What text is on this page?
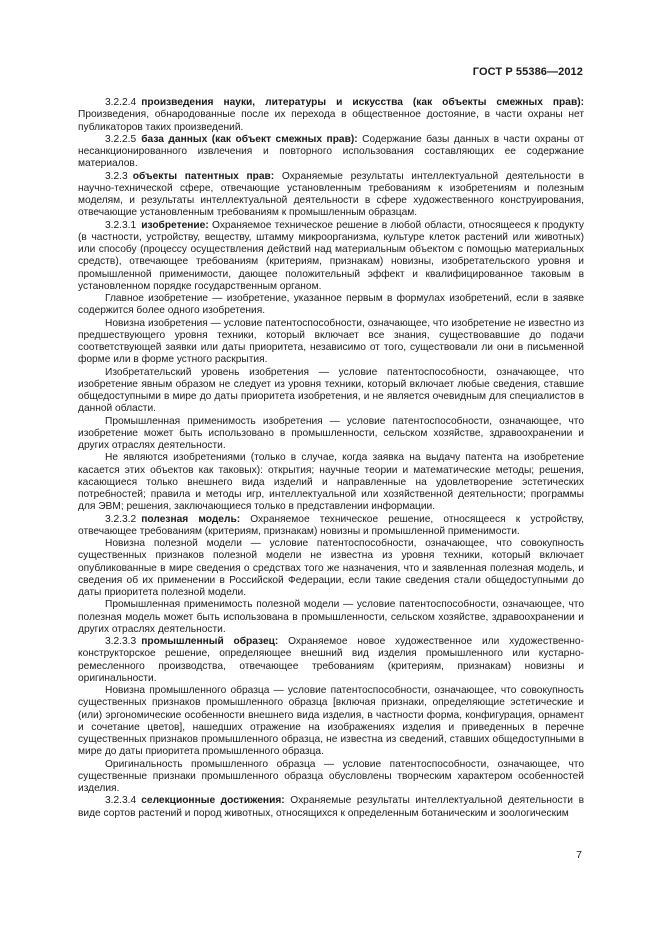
ГОСТ Р 55386—2012

3.2.2.4  произведения науки, литературы и искусства (как объекты смежных прав): Произведения, обнародованные после их перехода в общественное достояние, в части охраны нет публикаторов таких произведений.

3.2.2.5  база данных (как объект смежных прав): Содержание базы данных в части охраны от несанкционированного извлечения и повторного использования составляющих ее содержание материалов.

3.2.3  объекты патентных прав: Охраняемые результаты интеллектуальной деятельности в научно-технической сфере, отвечающие установленным требованиям к изобретениям и полезным моделям, и результаты интеллектуальной деятельности в сфере художественного конструирования, отвечающие установленным требованиям к промышленным образцам.

3.2.3.1  изобретение: Охраняемое техническое решение в любой области, относящееся к продукту (в частности, устройству, веществу, штамму микроорганизма, культуре клеток растений или животных) или способу (процессу осуществления действий над материальным объектом с помощью материальных средств), отвечающее требованиям (критериям, признакам) новизны, изобретательского уровня и промышленной применимости, дающее положительный эффект и квалифицированное таковым в установленном порядке государственным органом.

Главное изобретение — изобретение, указанное первым в формулах изобретений, если в заявке содержится более одного изобретения.

Новизна изобретения — условие патентоспособности, означающее, что изобретение не известно из предшествующего уровня техники, который включает все знания, существовавшие до подачи соответствующей заявки или даты приоритета, независимо от того, существовали ли они в письменной форме или в форме устного раскрытия.

Изобретательский уровень изобретения — условие патентоспособности, означающее, что изобретение явным образом не следует из уровня техники, который включает любые сведения, ставшие общедоступными в мире до даты приоритета изобретения, и не является очевидным для специалистов в данной области.

Промышленная применимость изобретения — условие патентоспособности, означающее, что изобретение может быть использовано в промышленности, сельском хозяйстве, здравоохранении и других отраслях деятельности.

Не являются изобретениями (только в случае, когда заявка на выдачу патента на изобретение касается этих объектов как таковых): открытия; научные теории и математические методы; решения, касающиеся только внешнего вида изделий и направленные на удовлетворение эстетических потребностей; правила и методы игр, интеллектуальной или хозяйственной деятельности; программы для ЭВМ; решения, заключающиеся только в представлении информации.

3.2.3.2  полезная модель: Охраняемое техническое решение, относящееся к устройству, отвечающее требованиям (критериям, признакам) новизны и промышленной применимости.

Новизна полезной модели — условие патентоспособности, означающее, что совокупность существенных признаков полезной модели не известна из уровня техники, который включает опубликованные в мире сведения о средствах того же назначения, что и заявленная полезная модель, и сведения об их применении в Российской Федерации, если такие сведения стали общедоступными до даты приоритета полезной модели.

Промышленная применимость полезной модели — условие патентоспособности, означающее, что полезная модель может быть использована в промышленности, сельском хозяйстве, здравоохранении и других отраслях деятельности.

3.2.3.3  промышленный образец: Охраняемое новое художественное или художественно-конструкторское решение, определяющее внешний вид изделия промышленного или кустарно-ремесленного производства, отвечающее требованиям (критериям, признакам) новизны и оригинальности.

Новизна промышленного образца — условие патентоспособности, означающее, что совокупность существенных признаков промышленного образца [включая признаки, определяющие эстетические и (или) эргономические особенности внешнего вида изделия, в частности форма, конфигурация, орнамент и сочетание цветов], нашедших отражение на изображениях изделия и приведенных в перечне существенных признаков промышленного образца, не известна из сведений, ставших общедоступными в мире до даты приоритета промышленного образца.

Оригинальность промышленного образца — условие патентоспособности, означающее, что существенные признаки промышленного образца обусловлены творческим характером особенностей изделия.

3.2.3.4  селекционные достижения: Охраняемые результаты интеллектуальной деятельности в виде сортов растений и пород животных, относящихся к определенным ботаническим и зоологическим

7
